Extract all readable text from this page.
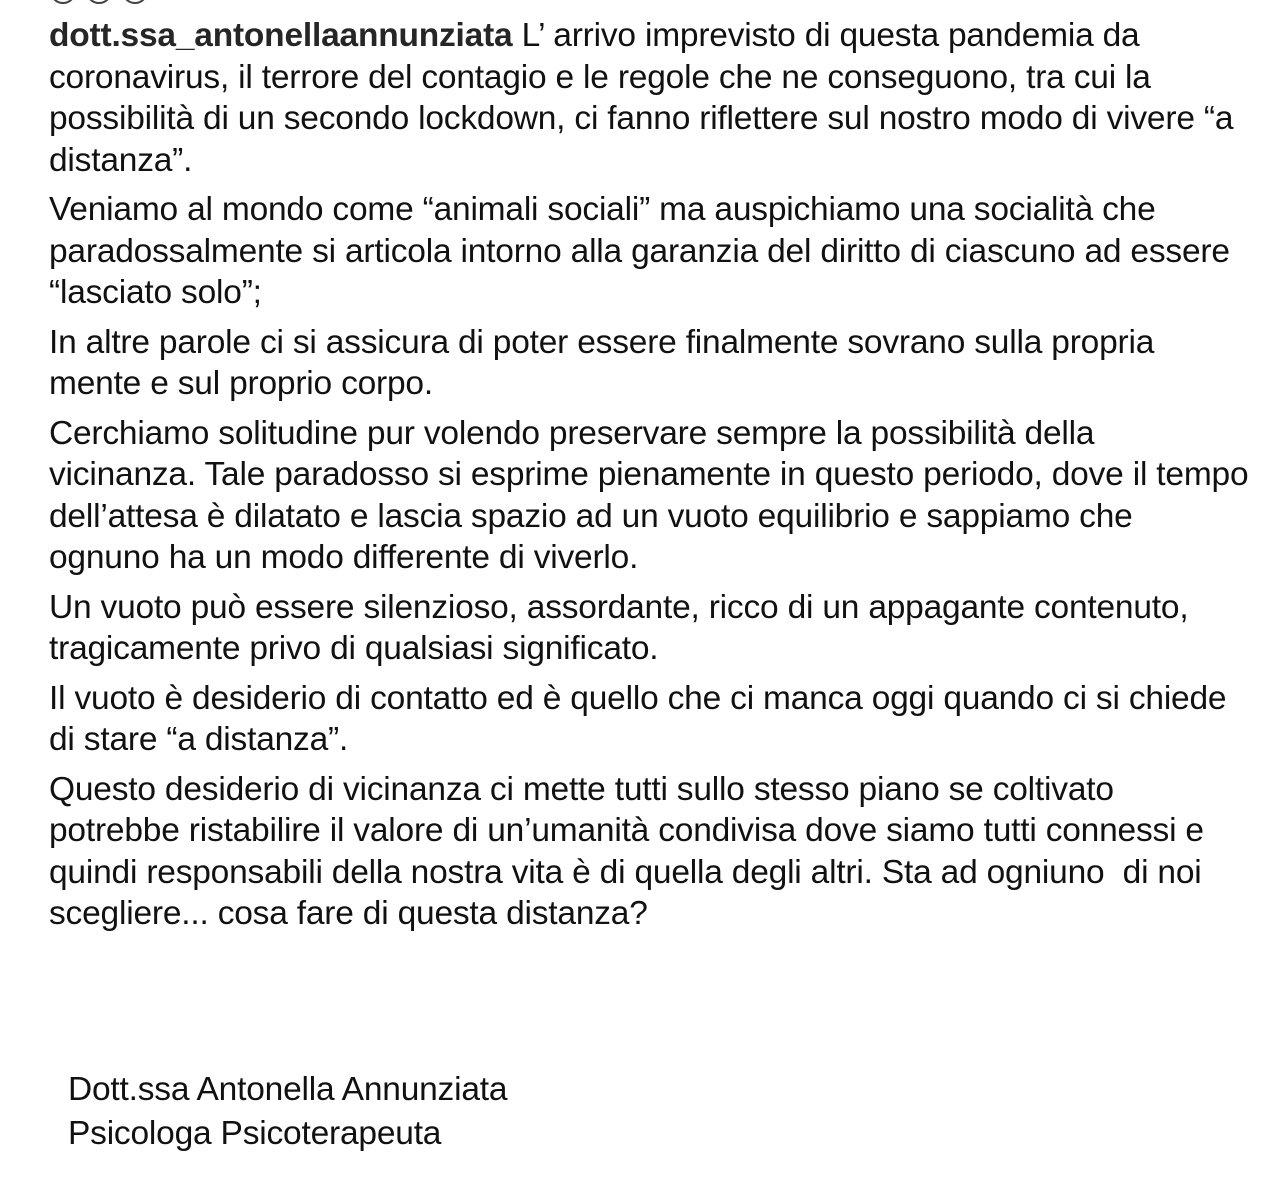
dott.ssa_antonellaannunziata L’ arrivo imprevisto di questa pandemia da coronavirus, il terrore del contagio e le regole che ne conseguono, tra cui la possibilità di un secondo lockdown, ci fanno riflettere sul nostro modo di vivere “a distanza”.

Veniamo al mondo come “animali sociali” ma auspichiamo una socialità che paradossalmente si articola intorno alla garanzia del diritto di ciascuno ad essere “lasciato solo”;

In altre parole ci si assicura di poter essere finalmente sovrano sulla propria mente e sul proprio corpo.

Cerchiamo solitudine pur volendo preservare sempre la possibilità della vicinanza. Tale paradosso si esprime pienamente in questo periodo, dove il tempo dell’attesa è dilatato e lascia spazio ad un vuoto equilibrio e sappiamo che ognuno ha un modo differente di viverlo.

Un vuoto può essere silenzioso, assordante, ricco di un appagante contenuto, tragicamente privo di qualsiasi significato.

Il vuoto è desiderio di contatto ed è quello che ci manca oggi quando ci si chiede di stare “a distanza”.

Questo desiderio di vicinanza ci mette tutti sullo stesso piano se coltivato potrebbe ristabilire il valore di un’umanità condivisa dove siamo tutti connessi e quindi responsabili della nostra vita è di quella degli altri. Sta ad ogniuno  di noi scegliere... cosa fare di questa distanza?

Dott.ssa Antonella Annunziata
Psicologa Psicoterapeuta
